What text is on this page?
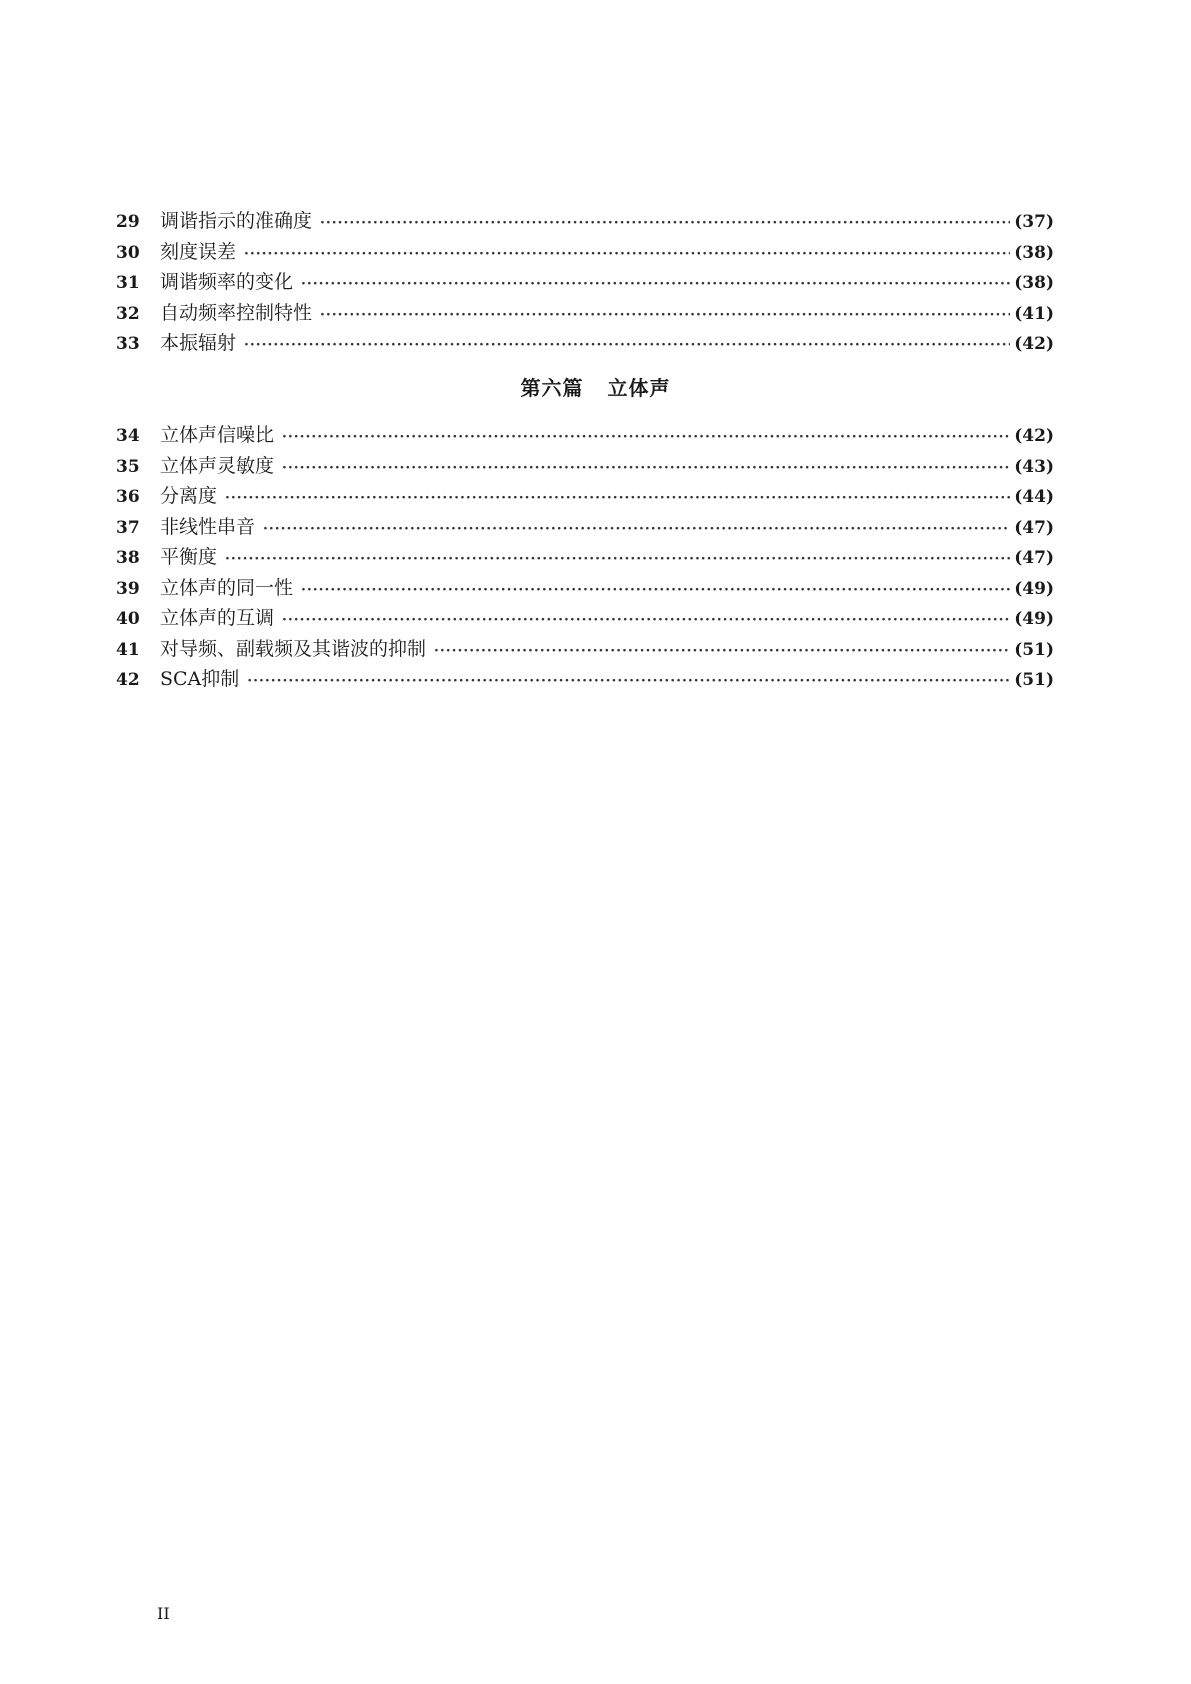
29	调谐指示的准确度 ·····	(37)
30	刻度误差 ·····	(38)
31	调谐频率的变化 ·····	(38)
32	自动频率控制特性 ·····	(41)
33	本振辐射 ·····	(42)
第六篇 立体声
34	立体声信噪比 ·····	(42)
35	立体声灵敏度 ·····	(43)
36	分离度 ·····	(44)
37	非线性串音 ·····	(47)
38	平衡度 ·····	(47)
39	立体声的同一性 ·····	(49)
40	立体声的互调 ·····	(49)
41	对导频、副载频及其谐波的抑制 ·····	(51)
42	SCA抑制 ·····	(51)
II
